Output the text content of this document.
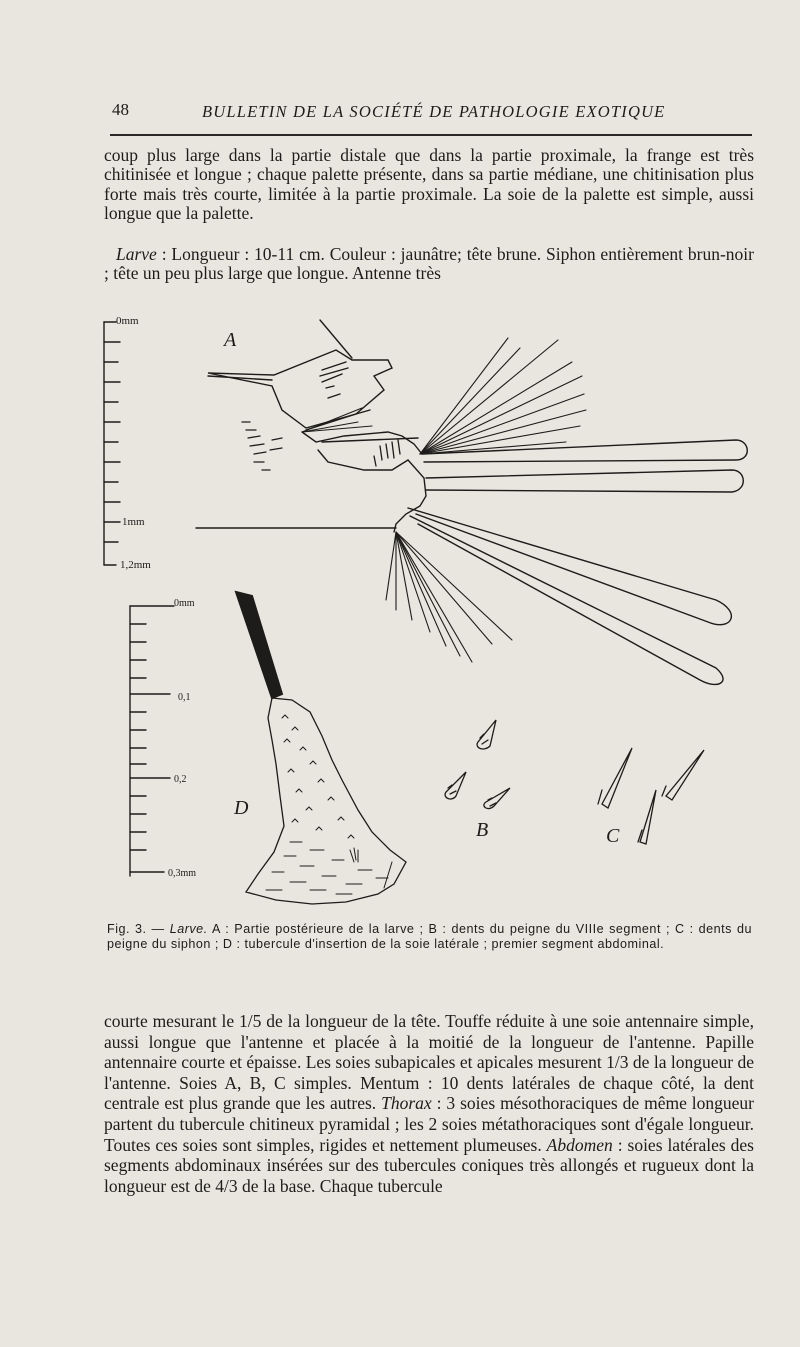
48	BULLETIN DE LA SOCIÉTÉ DE PATHOLOGIE EXOTIQUE
coup plus large dans la partie distale que dans la partie proximale, la frange est très chitinisée et longue ; chaque palette présente, dans sa partie médiane, une chitinisation plus forte mais très courte, limitée à la partie proximale. La soie de la palette est simple, aussi longue que la palette.
Larve : Longueur : 10-11 cm. Couleur : jaunâtre; tête brune. Siphon entièrement brun-noir ; tête un peu plus large que longue. Antenne très
0mm
1mm
1,2mm
A
0mm
0,1
0,2
0,3mm
D
B	C
Fig. 3. — Larve. A : Partie postérieure de la larve ; B : dents du peigne du VIIIe segment ; C : dents du peigne du siphon ; D : tubercule d'insertion de la soie latérale ; premier segment abdominal.
courte mesurant le 1/5 de la longueur de la tête. Touffe réduite à une soie antennaire simple, aussi longue que l'antenne et placée à la moitié de la longueur de l'antenne. Papille antennaire courte et épaisse. Les soies subapicales et apicales mesurent 1/3 de la longueur de l'antenne. Soies A, B, C simples. Mentum : 10 dents latérales de chaque côté, la dent centrale est plus grande que les autres. Thorax : 3 soies mésothoraciques de même longueur partent du tubercule chitineux pyramidal ; les 2 soies métathoraciques sont d'égale longueur. Toutes ces soies sont simples, rigides et nettement plumeuses. Abdomen : soies latérales des segments abdominaux insérées sur des tubercules coniques très allongés et rugueux dont la longueur est de 4/3 de la base. Chaque tubercule
